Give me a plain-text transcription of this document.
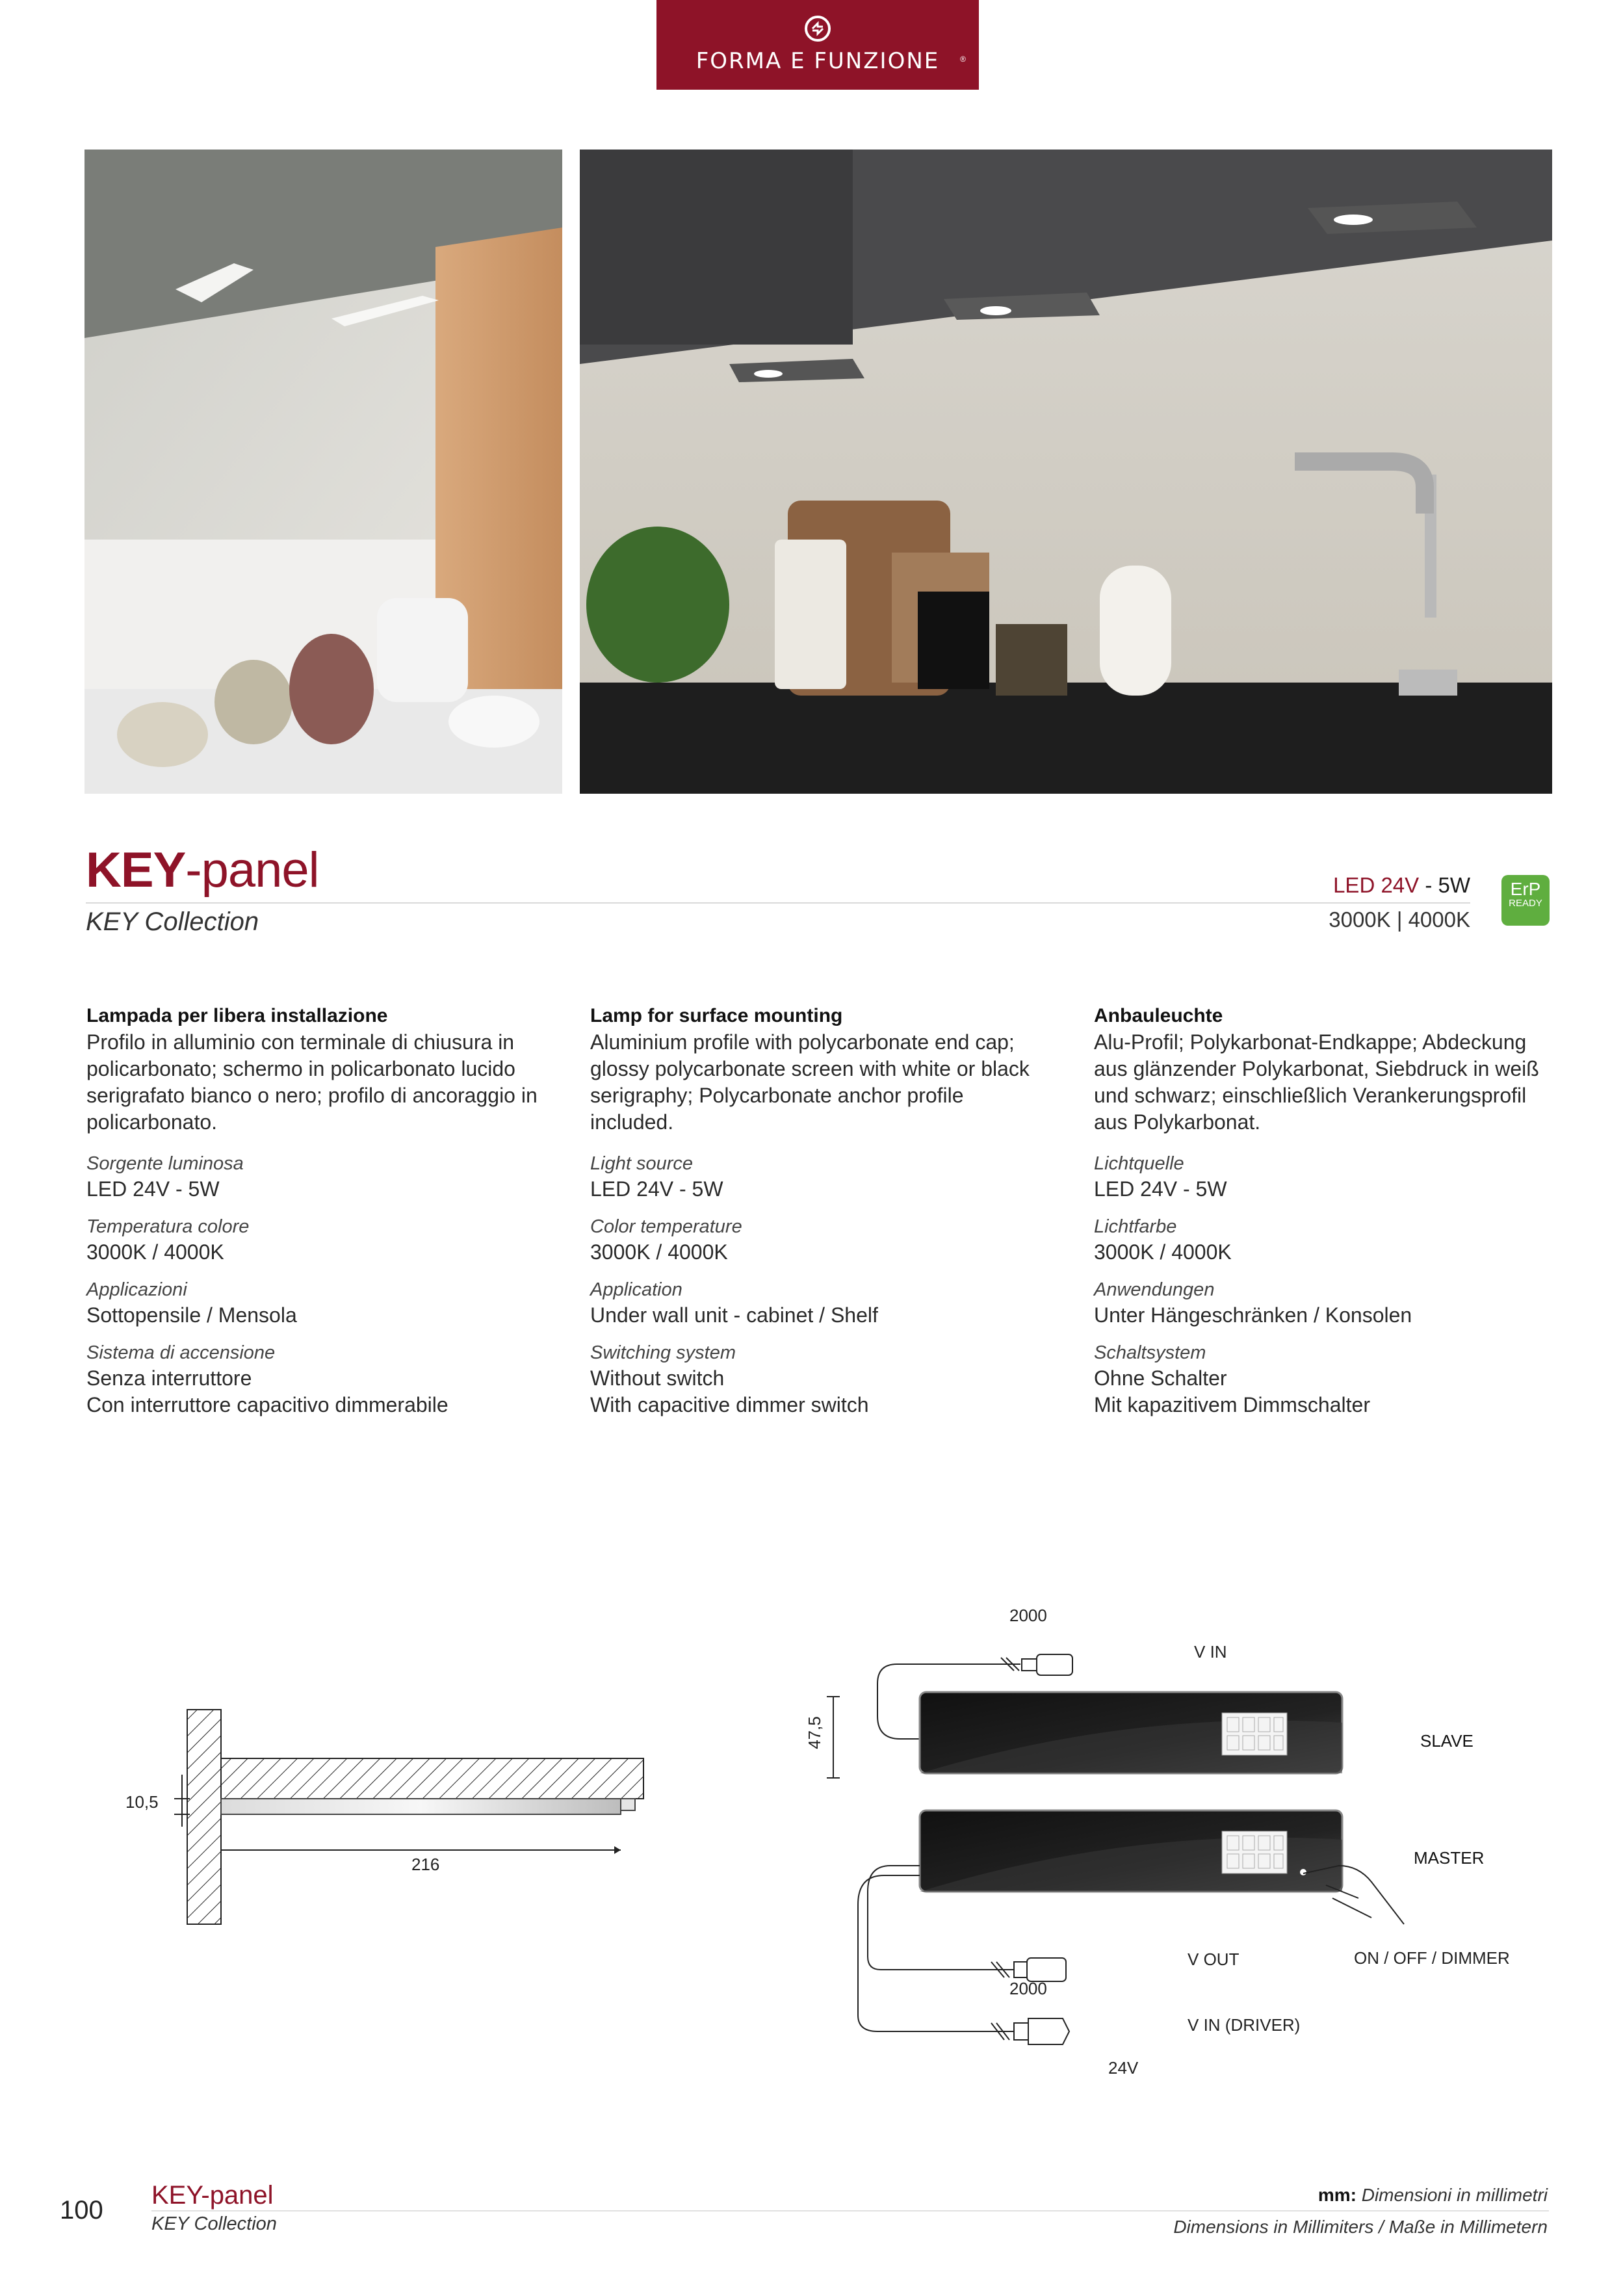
FORMA E FUNZIONE	®
KEY-panel
KEY Collection
LED 24V - 5W
3000K | 4000K
ErP
READY
Lampada per libera installazione
Profilo in alluminio con terminale di chiusura in policarbonato; schermo in policarbonato lucido serigrafato bianco o nero; profilo di ancoraggio in policarbonato.
Sorgente luminosa
LED 24V - 5W
Temperatura colore
3000K / 4000K
Applicazioni
Sottopensile / Mensola
Sistema di accensione
Senza interruttore
Con interruttore capacitivo dimmerabile
Lamp for surface mounting
Aluminium profile with polycarbonate end cap; glossy polycarbonate screen with white or black serigraphy; Polycarbonate anchor profile included.
Light source
LED 24V - 5W
Color temperature
3000K / 4000K
Application
Under wall unit - cabinet / Shelf
Switching system
Without switch
With capacitive dimmer switch
Anbauleuchte
Alu-Profil; Polykarbonat-Endkappe; Abdeckung aus glänzender Polykarbonat, Siebdruck in weiß und schwarz; einschließlich Verankerungsprofil aus Polykarbonat.
Lichtquelle
LED 24V - 5W
Lichtfarbe
3000K / 4000K
Anwendungen
Unter Hängeschränken / Konsolen
Schaltsystem
Ohne Schalter
Mit kapazitivem Dimmschalter
10,5
216
2000
V IN
47,5	SLAVE
MASTER
V OUT	ON / OFF / DIMMER
2000
V IN (DRIVER)
24V
100
KEY-panel
KEY Collection
mm: Dimensioni in millimetri
Dimensions in Millimiters / Maße in Millimetern
